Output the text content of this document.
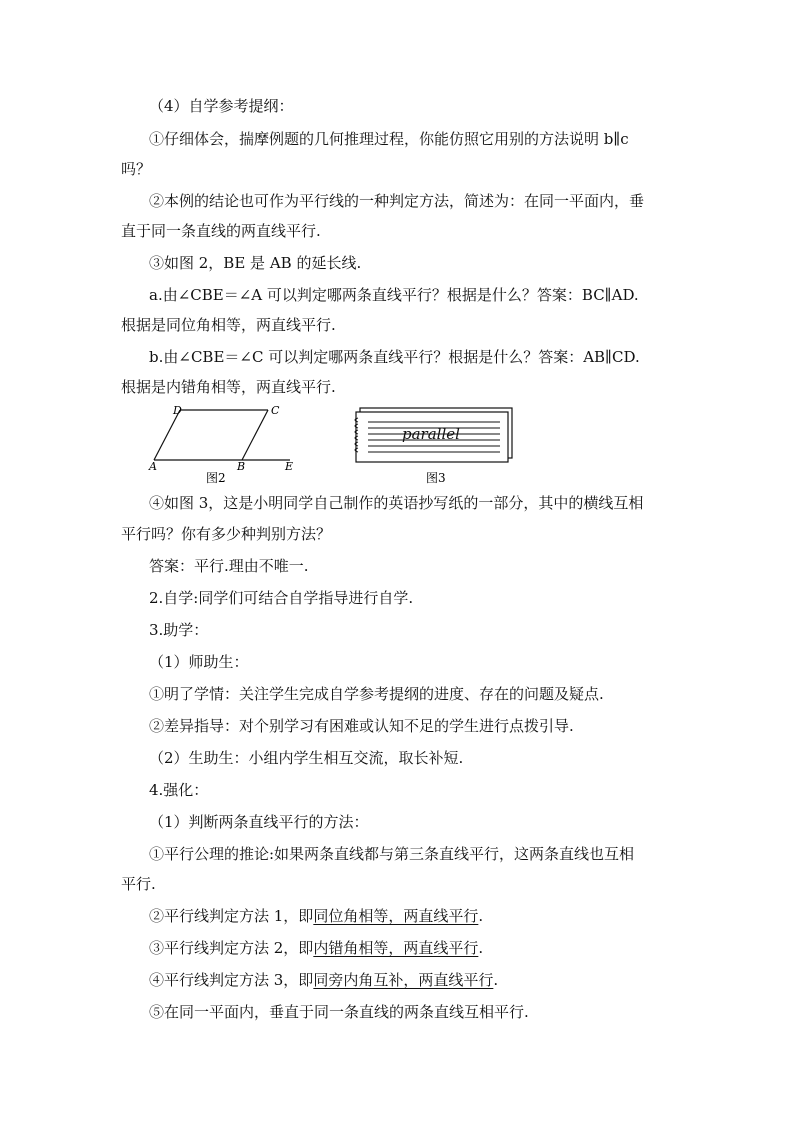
（4）自学参考提纲：
①仔细体会，揣摩例题的几何推理过程，你能仿照它用别的方法说明 b∥c
吗？
②本例的结论也可作为平行线的一种判定方法，简述为：在同一平面内，垂
直于同一条直线的两直线平行.
③如图 2，BE 是 AB 的延长线.
a.由∠CBE＝∠A 可以判定哪两条直线平行？根据是什么？答案：BC∥AD.
根据是同位角相等，两直线平行.
b.由∠CBE＝∠C 可以判定哪两条直线平行？根据是什么？答案：AB∥CD.
根据是内错角相等，两直线平行.
D	C
A	B	E
图2
parallel
图3
④如图 3，这是小明同学自己制作的英语抄写纸的一部分，其中的横线互相
平行吗？你有多少种判别方法？
答案：平行.理由不唯一.
2.自学:同学们可结合自学指导进行自学.
3.助学：
（1）师助生：
①明了学情：关注学生完成自学参考提纲的进度、存在的问题及疑点.
②差异指导：对个别学习有困难或认知不足的学生进行点拨引导.
（2）生助生：小组内学生相互交流，取长补短.
4.强化：
（1）判断两条直线平行的方法：
①平行公理的推论:如果两条直线都与第三条直线平行，这两条直线也互相
平行.
②平行线判定方法 1，即同位角相等，两直线平行.
③平行线判定方法 2，即内错角相等，两直线平行.
④平行线判定方法 3，即同旁内角互补，两直线平行.
⑤在同一平面内，垂直于同一条直线的两条直线互相平行.
